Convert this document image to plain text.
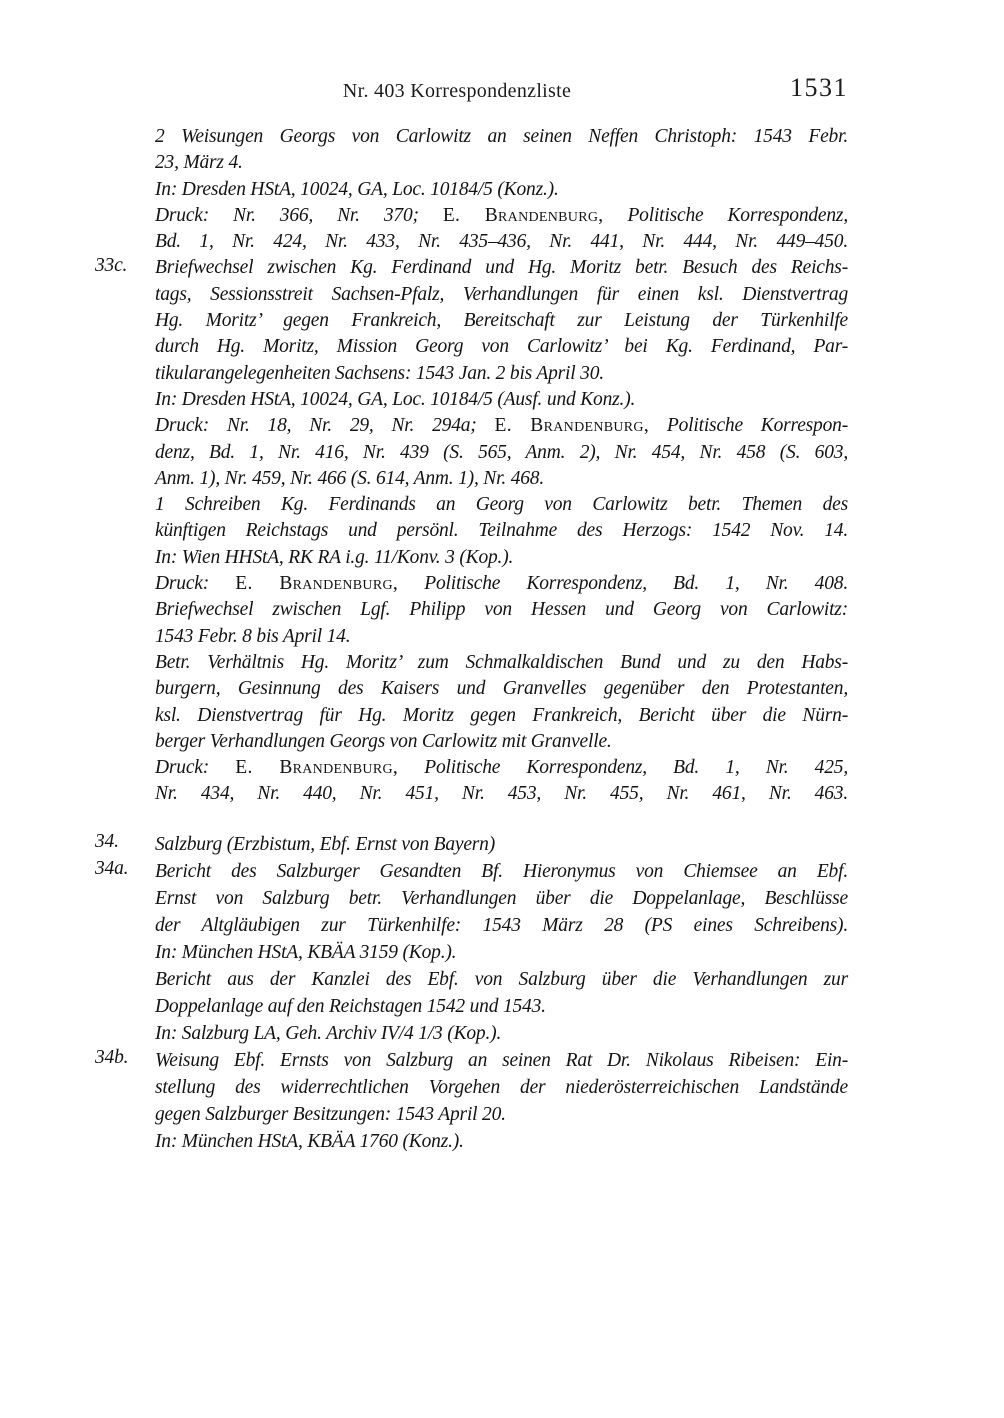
Nr. 403 Korrespondenzliste	1531
2 Weisungen Georgs von Carlowitz an seinen Neffen Christoph: 1543 Febr.
23, März 4.
In: Dresden HStA, 10024, GA, Loc. 10184/5 (Konz.).
Druck: Nr. 366, Nr. 370; E. Brandenburg, Politische Korrespondenz,
Bd. 1, Nr. 424, Nr. 433, Nr. 435–436, Nr. 441, Nr. 444, Nr. 449–450.
33c. Briefwechsel zwischen Kg. Ferdinand und Hg. Moritz betr. Besuch des Reichs-
tags, Sessionsstreit Sachsen-Pfalz, Verhandlungen für einen ksl. Dienstvertrag
Hg. Moritz’ gegen Frankreich, Bereitschaft zur Leistung der Türkenhilfe
durch Hg. Moritz, Mission Georg von Carlowitz’ bei Kg. Ferdinand, Par-
tikularangelegenheiten Sachsens: 1543 Jan. 2 bis April 30.
In: Dresden HStA, 10024, GA, Loc. 10184/5 (Ausf. und Konz.).
Druck: Nr. 18, Nr. 29, Nr. 294a; E. Brandenburg, Politische Korrespon-
denz, Bd. 1, Nr. 416, Nr. 439 (S. 565, Anm. 2), Nr. 454, Nr. 458 (S. 603,
Anm. 1), Nr. 459, Nr. 466 (S. 614, Anm. 1), Nr. 468.
1 Schreiben Kg. Ferdinands an Georg von Carlowitz betr. Themen des
künftigen Reichstags und persönl. Teilnahme des Herzogs: 1542 Nov. 14.
In: Wien HHStA, RK RA i.g. 11/Konv. 3 (Kop.).
Druck: E. Brandenburg, Politische Korrespondenz, Bd. 1, Nr. 408.
Briefwechsel zwischen Lgf. Philipp von Hessen und Georg von Carlowitz:
1543 Febr. 8 bis April 14.
Betr. Verhältnis Hg. Moritz’ zum Schmalkaldischen Bund und zu den Habs-
burgern, Gesinnung des Kaisers und Granvelles gegenüber den Protestanten,
ksl. Dienstvertrag für Hg. Moritz gegen Frankreich, Bericht über die Nürn-
berger Verhandlungen Georgs von Carlowitz mit Granvelle.
Druck: E. Brandenburg, Politische Korrespondenz, Bd. 1, Nr. 425,
Nr. 434, Nr. 440, Nr. 451, Nr. 453, Nr. 455, Nr. 461, Nr. 463.
34. Salzburg (Erzbistum, Ebf. Ernst von Bayern)
34a. Bericht des Salzburger Gesandten Bf. Hieronymus von Chiemsee an Ebf.
Ernst von Salzburg betr. Verhandlungen über die Doppelanlage, Beschlüsse
der Altgläubigen zur Türkenhilfe: 1543 März 28 (PS eines Schreibens).
In: München HStA, KBÄA 3159 (Kop.).
Bericht aus der Kanzlei des Ebf. von Salzburg über die Verhandlungen zur
Doppelanlage auf den Reichstagen 1542 und 1543.
In: Salzburg LA, Geh. Archiv IV/4 1/3 (Kop.).
34b. Weisung Ebf. Ernsts von Salzburg an seinen Rat Dr. Nikolaus Ribeisen: Ein-
stellung des widerrechtlichen Vorgehen der niederösterreichischen Landstände
gegen Salzburger Besitzungen: 1543 April 20.
In: München HStA, KBÄA 1760 (Konz.).
